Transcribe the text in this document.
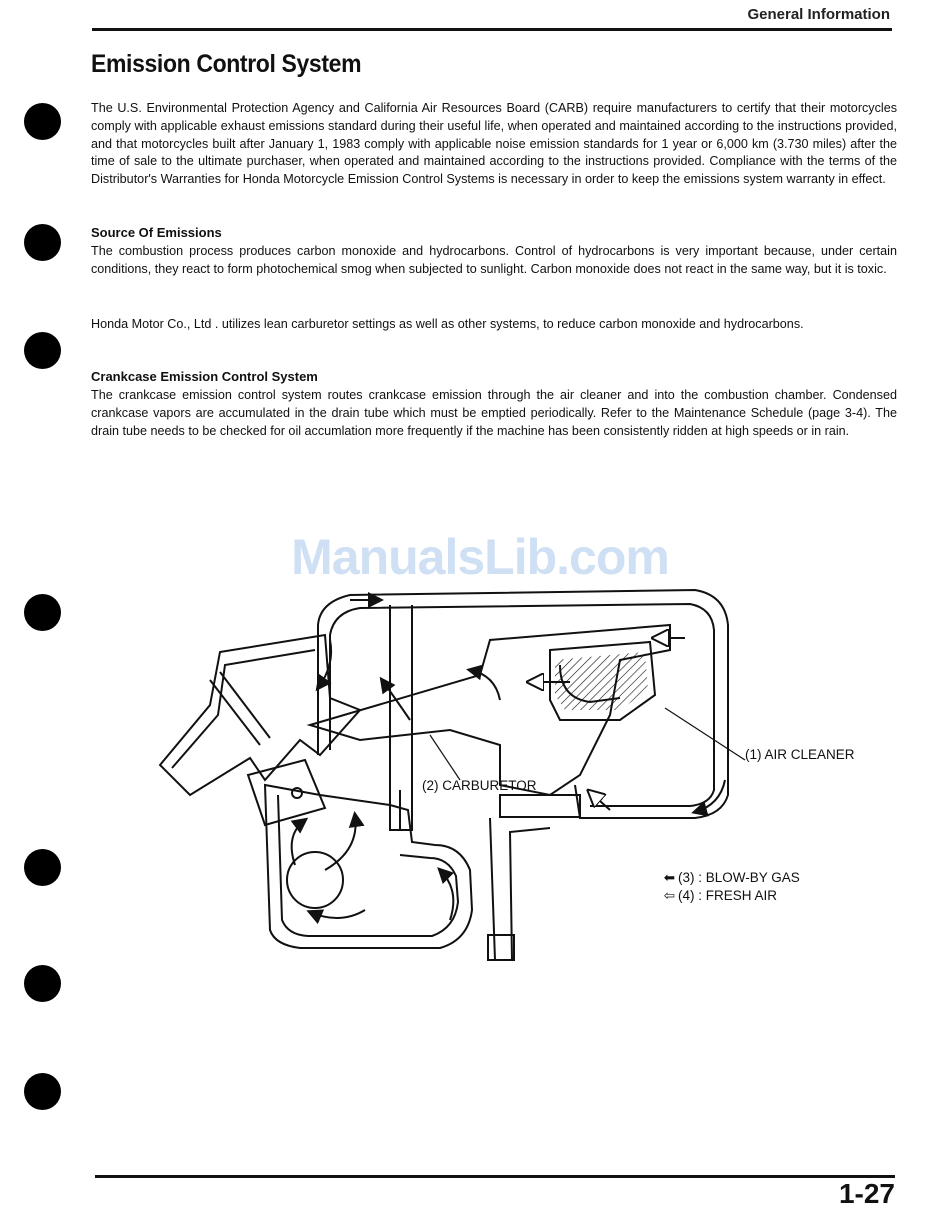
General Information
Emission Control System

The U.S. Environmental Protection Agency and California Air Resources Board (CARB) require manufacturers to certify that their motorcycles comply with applicable exhaust emissions standard during their useful life, when operated and maintained according to the instructions provided, and that motorcycles built after January 1, 1983 comply with applicable noise emission standards for 1 year or 6,000 km (3.730 miles) after the time of sale to the ultimate purchaser, when operated and maintained according to the instructions provided. Compliance with the terms of the Distributor's Warranties for Honda Motorcycle Emission Control Systems is necessary in order to keep the emissions system warranty in effect.

Source Of Emissions

The combustion process produces carbon monoxide and hydrocarbons. Control of hydrocarbons is very important because, under certain conditions, they react to form photochemical smog when subjected to sunlight. Carbon monoxide does not react in the same way, but it is toxic.

Honda Motor Co., Ltd . utilizes lean carburetor settings as well as other systems, to reduce carbon monoxide and hydrocarbons.

Crankcase Emission Control System

The crankcase emission control system routes crankcase emission through the air cleaner and into the combustion chamber. Condensed crankcase vapors are accumulated in the drain tube which must be emptied periodically. Refer to the Maintenance Schedule (page 3-4). The drain tube needs to be checked for oil accumlation more frequently if the machine has been consistently ridden at high speeds or in rain.

ManualsLib.com
(1) AIR CLEANER
(2) CARBURETOR
⬅ (3) : BLOW-BY GAS
⇦ (4) : FRESH AIR
1-27
